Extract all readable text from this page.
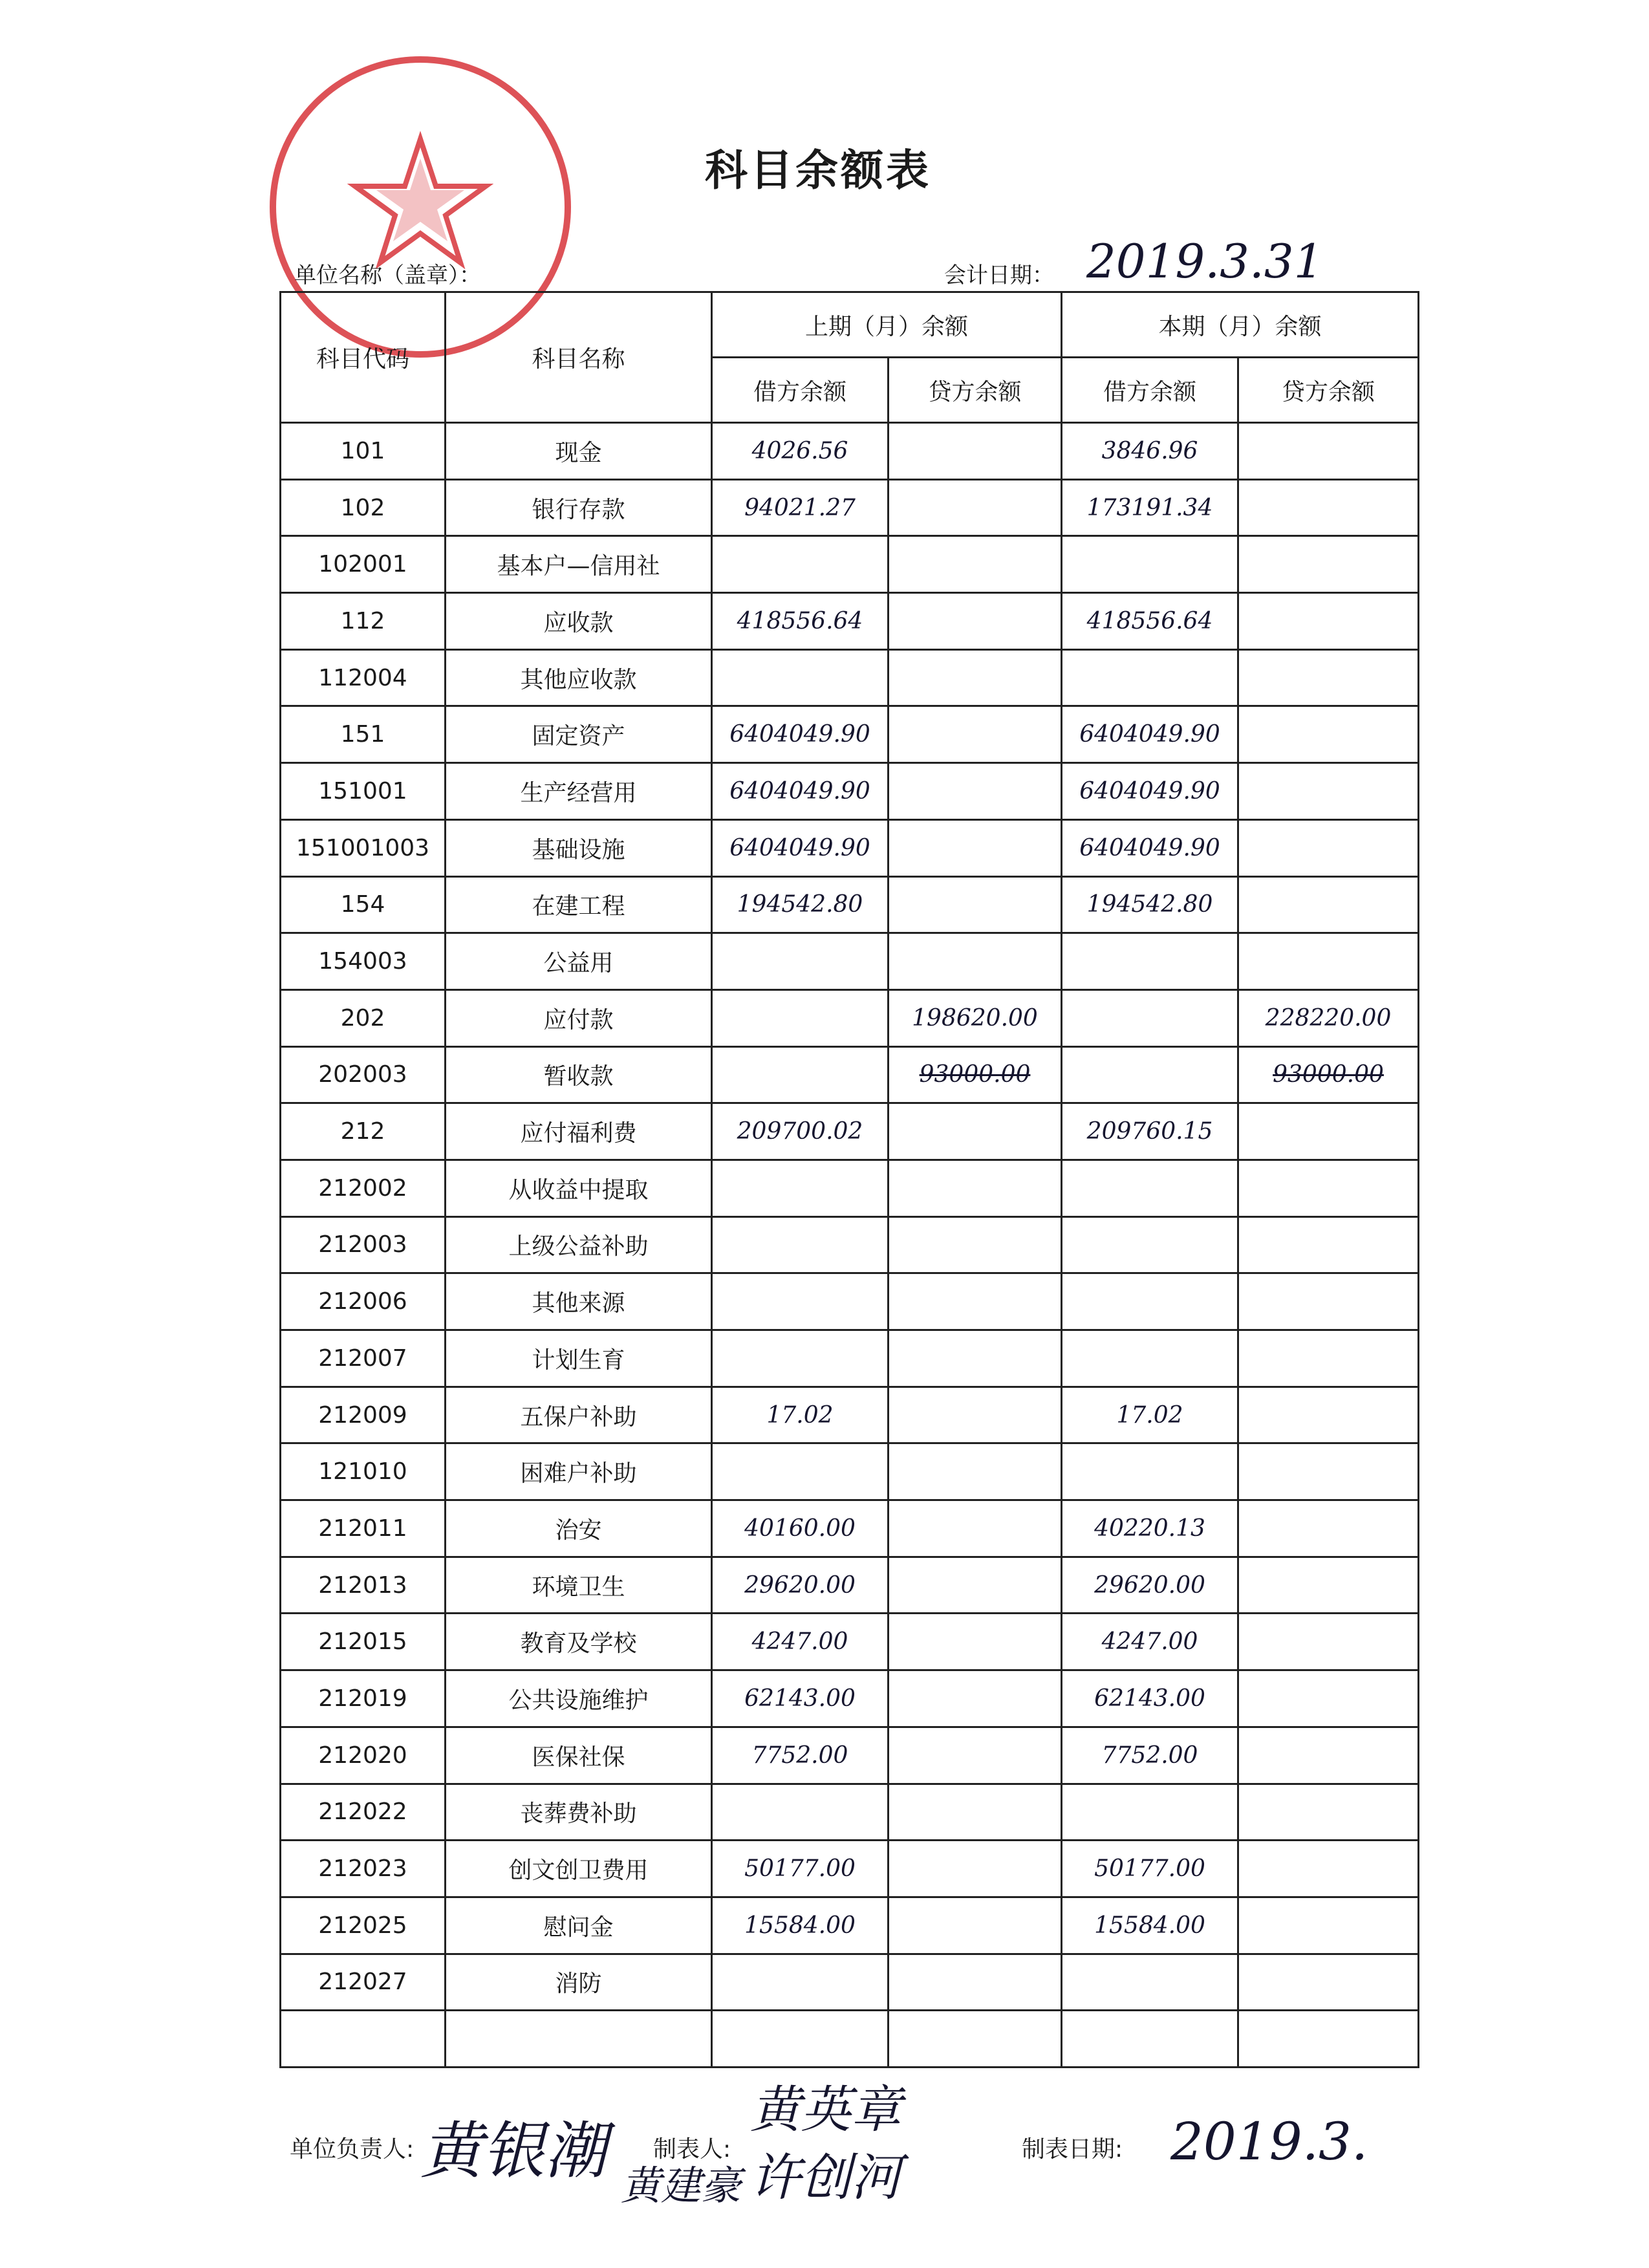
科目余额表
单位名称（盖章）：	会计日期： 2019.3.31
科目代码	科目名称	上期（月）余额		本期（月）余额	
		借方余额	贷方余额	借方余额	贷方余额
101	现金	4026.56		3846.96	
102	银行存款	94021.27		173191.34	
102001	基本户—信用社				
112	应收款	418556.64		418556.64	
112004	其他应收款				
151	固定资产	6404049.90		6404049.90	
151001	生产经营用	6404049.90		6404049.90	
151001003	基础设施	6404049.90		6404049.90	
154	在建工程	194542.80		194542.80	
154003	公益用				
202	应付款		198620.00		228220.00
202003	暂收款		93000.00		93000.00
212	应付福利费	209700.02		209760.15	
212002	从收益中提取				
212003	上级公益补助				
212006	其他来源				
212007	计划生育				
212009	五保户补助	17.02		17.02	
121010	困难户补助				
212011	治安	40160.00		40220.13	
212013	环境卫生	29620.00		29620.00	
212015	教育及学校	4247.00		4247.00	
212019	公共设施维护	62143.00		62143.00	
212020	医保社保	7752.00		7752.00	
212022	丧葬费补助				
212023	创文创卫费用	50177.00		50177.00	
212025	慰问金	15584.00		15584.00	
212027	消防				

单位负责人: 黄银潮 制表人:
黄英章
许创河
黄建豪
制表日期: 2019.3.
